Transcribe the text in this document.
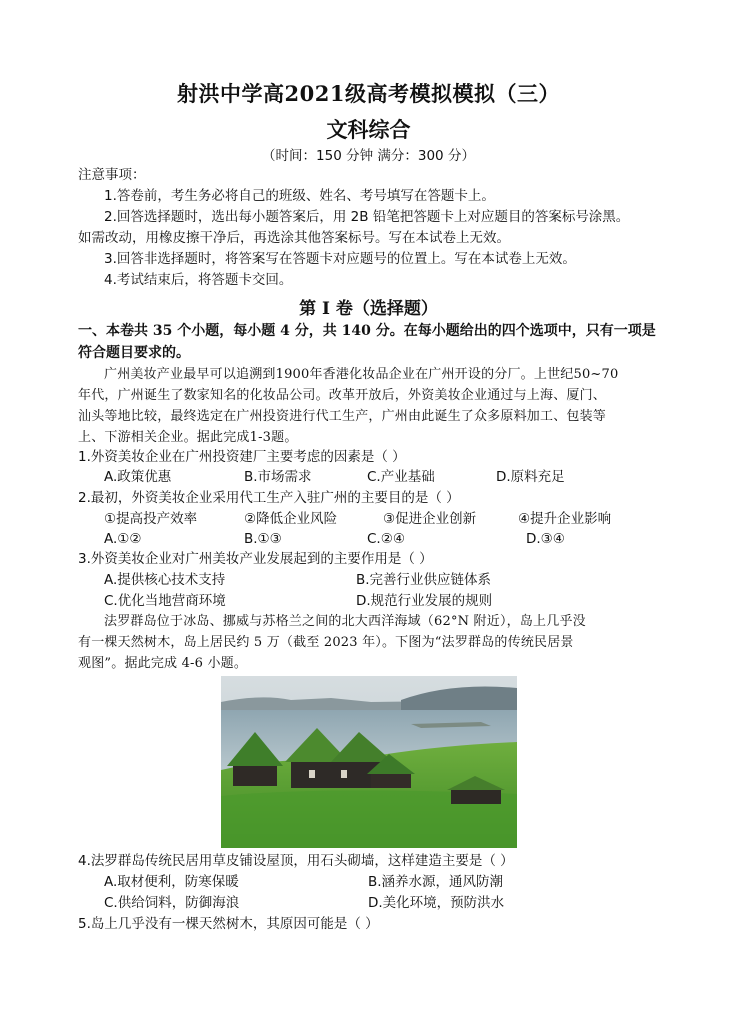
射洪中学高2021级高考模拟模拟（三）
文科综合
（时间：150 分钟 满分：300 分）
注意事项：
1.答卷前，考生务必将自己的班级、姓名、考号填写在答题卡上。
2.回答选择题时，选出每小题答案后，用 2B 铅笔把答题卡上对应题目的答案标号涂黑。
如需改动，用橡皮擦干净后，再选涂其他答案标号。写在本试卷上无效。
3.回答非选择题时，将答案写在答题卡对应题号的位置上。写在本试卷上无效。
4.考试结束后，将答题卡交回。
第 I 卷（选择题）
一、本卷共 35 个小题，每小题 4 分，共 140 分。在每小题给出的四个选项中，只有一项是
符合题目要求的。
广州美妆产业最早可以追溯到1900年香港化妆品企业在广州开设的分厂。上世纪50~70
年代，广州诞生了数家知名的化妆品公司。改革开放后，外资美妆企业通过与上海、厦门、
汕头等地比较，最终选定在广州投资进行代工生产，广州由此诞生了众多原料加工、包装等
上、下游相关企业。据此完成1-3题。
1.外资美妆企业在广州投资建厂主要考虑的因素是（ ）
A.政策优惠	B.市场需求	C.产业基础	D.原料充足
2.最初，外资美妆企业采用代工生产入驻广州的主要目的是（ ）
①提高投产效率	②降低企业风险	③促进企业创新	④提升企业影响
A.①②	B.①③	C.②④	D.③④
3.外资美妆企业对广州美妆产业发展起到的主要作用是（ ）
A.提供核心技术支持	B.完善行业供应链体系
C.优化当地营商环境	D.规范行业发展的规则
法罗群岛位于冰岛、挪威与苏格兰之间的北大西洋海域（62°N 附近），岛上几乎没
有一棵天然树木，岛上居民约 5 万（截至 2023 年）。下图为“法罗群岛的传统民居景
观图”。据此完成 4-6 小题。
4.法罗群岛传统民居用草皮铺设屋顶，用石头砌墙，这样建造主要是（ ）
A.取材便利，防寒保暖	B.涵养水源，通风防潮
C.供给饲料，防御海浪	D.美化环境，预防洪水
5.岛上几乎没有一棵天然树木，其原因可能是（ ）
